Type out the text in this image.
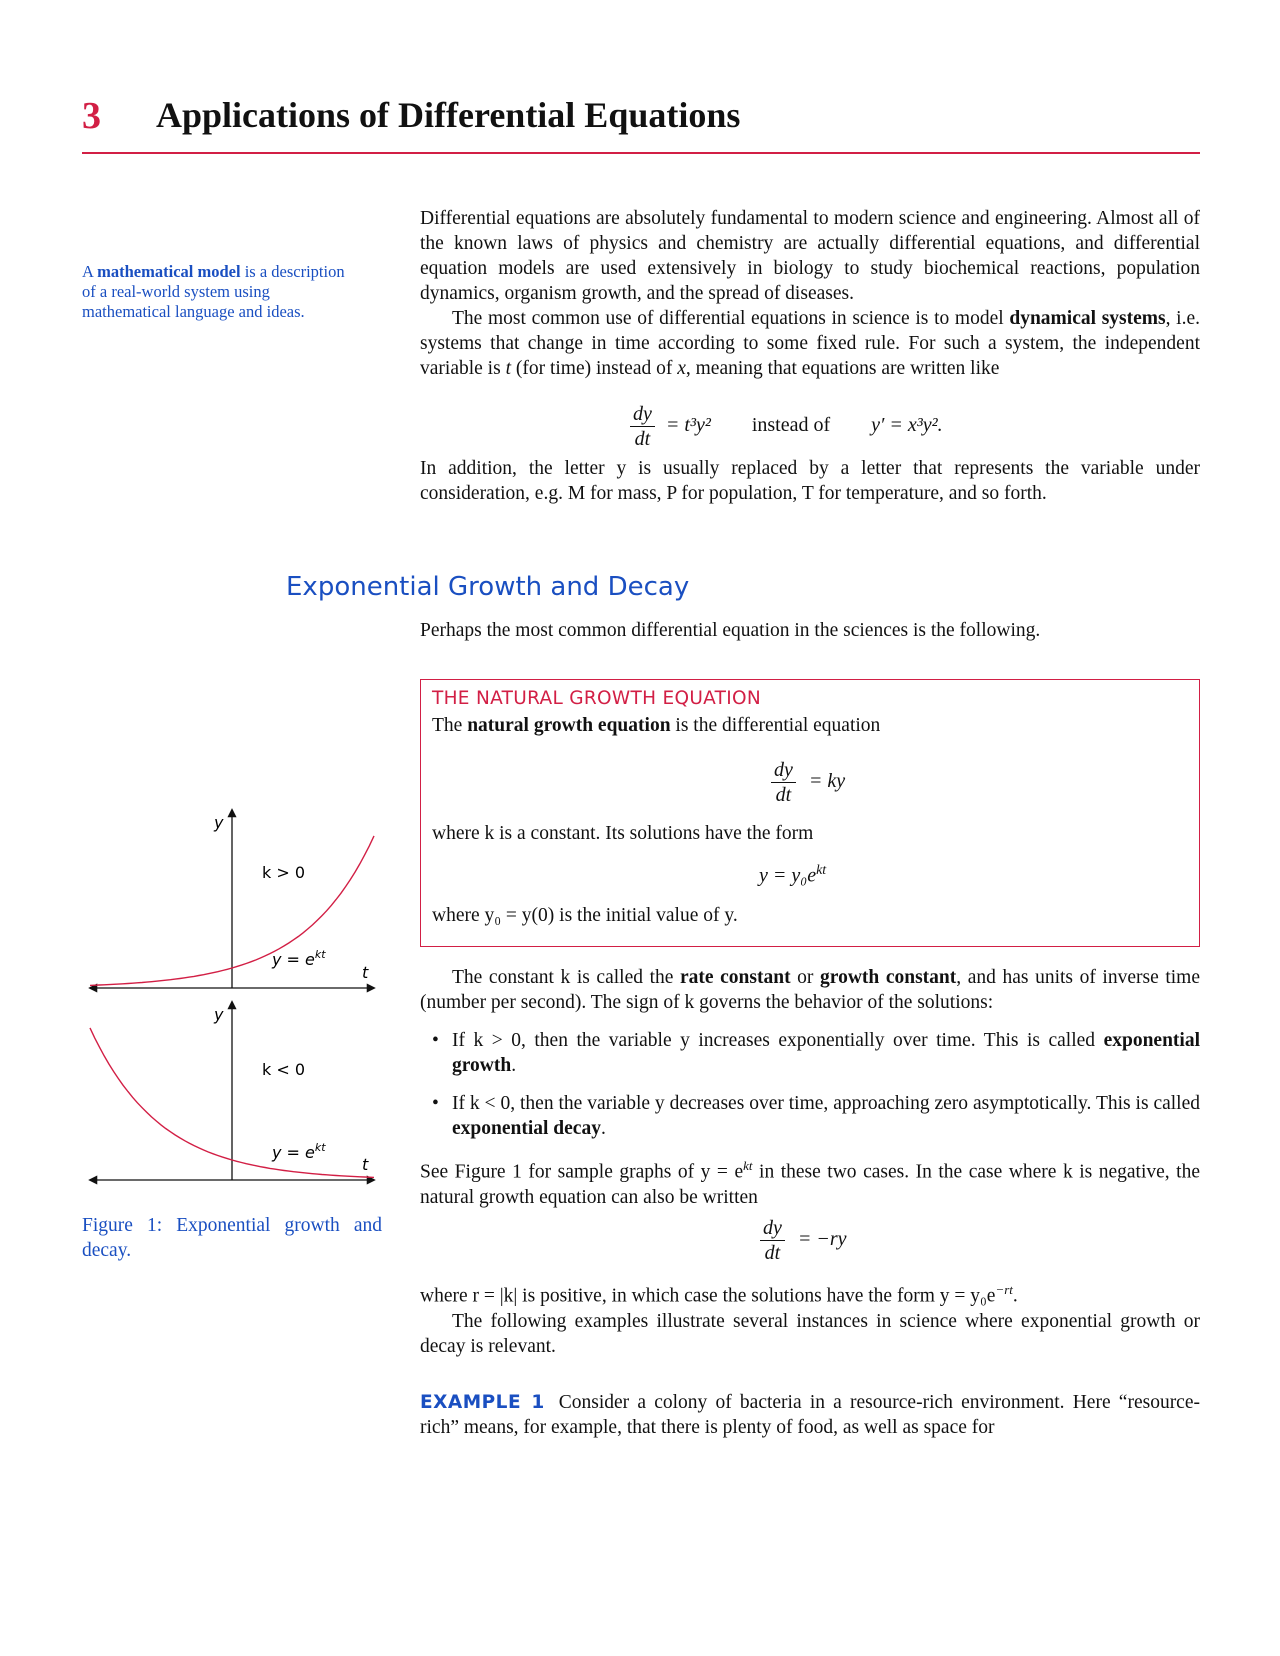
3 Applications of Differential Equations
A mathematical model is a description of a real-world system using mathematical language and ideas.

Differential equations are absolutely fundamental to modern science and engineering. Almost all of the known laws of physics and chemistry are actually differential equations, and differential equation models are used extensively in biology to study biochemical reactions, population dynamics, organism growth, and the spread of diseases.

The most common use of differential equations in science is to model dynamical systems, i.e. systems that change in time according to some fixed rule. For such a system, the independent variable is t (for time) instead of x, meaning that equations are written like

$\frac{dy}{dt} = t^3y^2$ instead of y′ = x³y².

In addition, the letter y is usually replaced by a letter that represents the variable under consideration, e.g. M for mass, P for population, T for temperature, and so forth.

Exponential Growth and Decay
Perhaps the most common differential equation in the sciences is the following.
THE NATURAL GROWTH EQUATION
The natural growth equation is the differential equation
$\frac{dy}{dt}$ = ky
where k is a constant. Its solutions have the form
$y = y_0e^{kt}$
where y₀ = y(0) is the initial value of y.
The constant k is called the rate constant or growth constant, and has units of inverse time (number per second). The sign of k governs the behavior of the solutions:
• If k > 0, then the variable y increases exponentially over time. This is called exponential growth.
• If k < 0, then the variable y decreases over time, approaching zero asymptotically. This is called exponential decay.
See Figure 1 for sample graphs of $y = e^{kt}$ in these two cases. In the case where k is negative, the natural growth equation can also be written
$\frac{dy}{dt} = -ry$

where r = |k| is positive, in which case the solutions have the form $y = y_0e^{-rt}$.

The following examples illustrate several instances in science where exponential growth or decay is relevant.

EXAMPLE 1 Consider a colony of bacteria in a resource-rich environment. Here “resource-rich” means, for example, that there is plenty of food, as well as space for
y
t
k > 0
$y = e^{kt}$
y
t
k < 0
$y = e^{kt}$
Figure 1: Exponential growth and decay.
